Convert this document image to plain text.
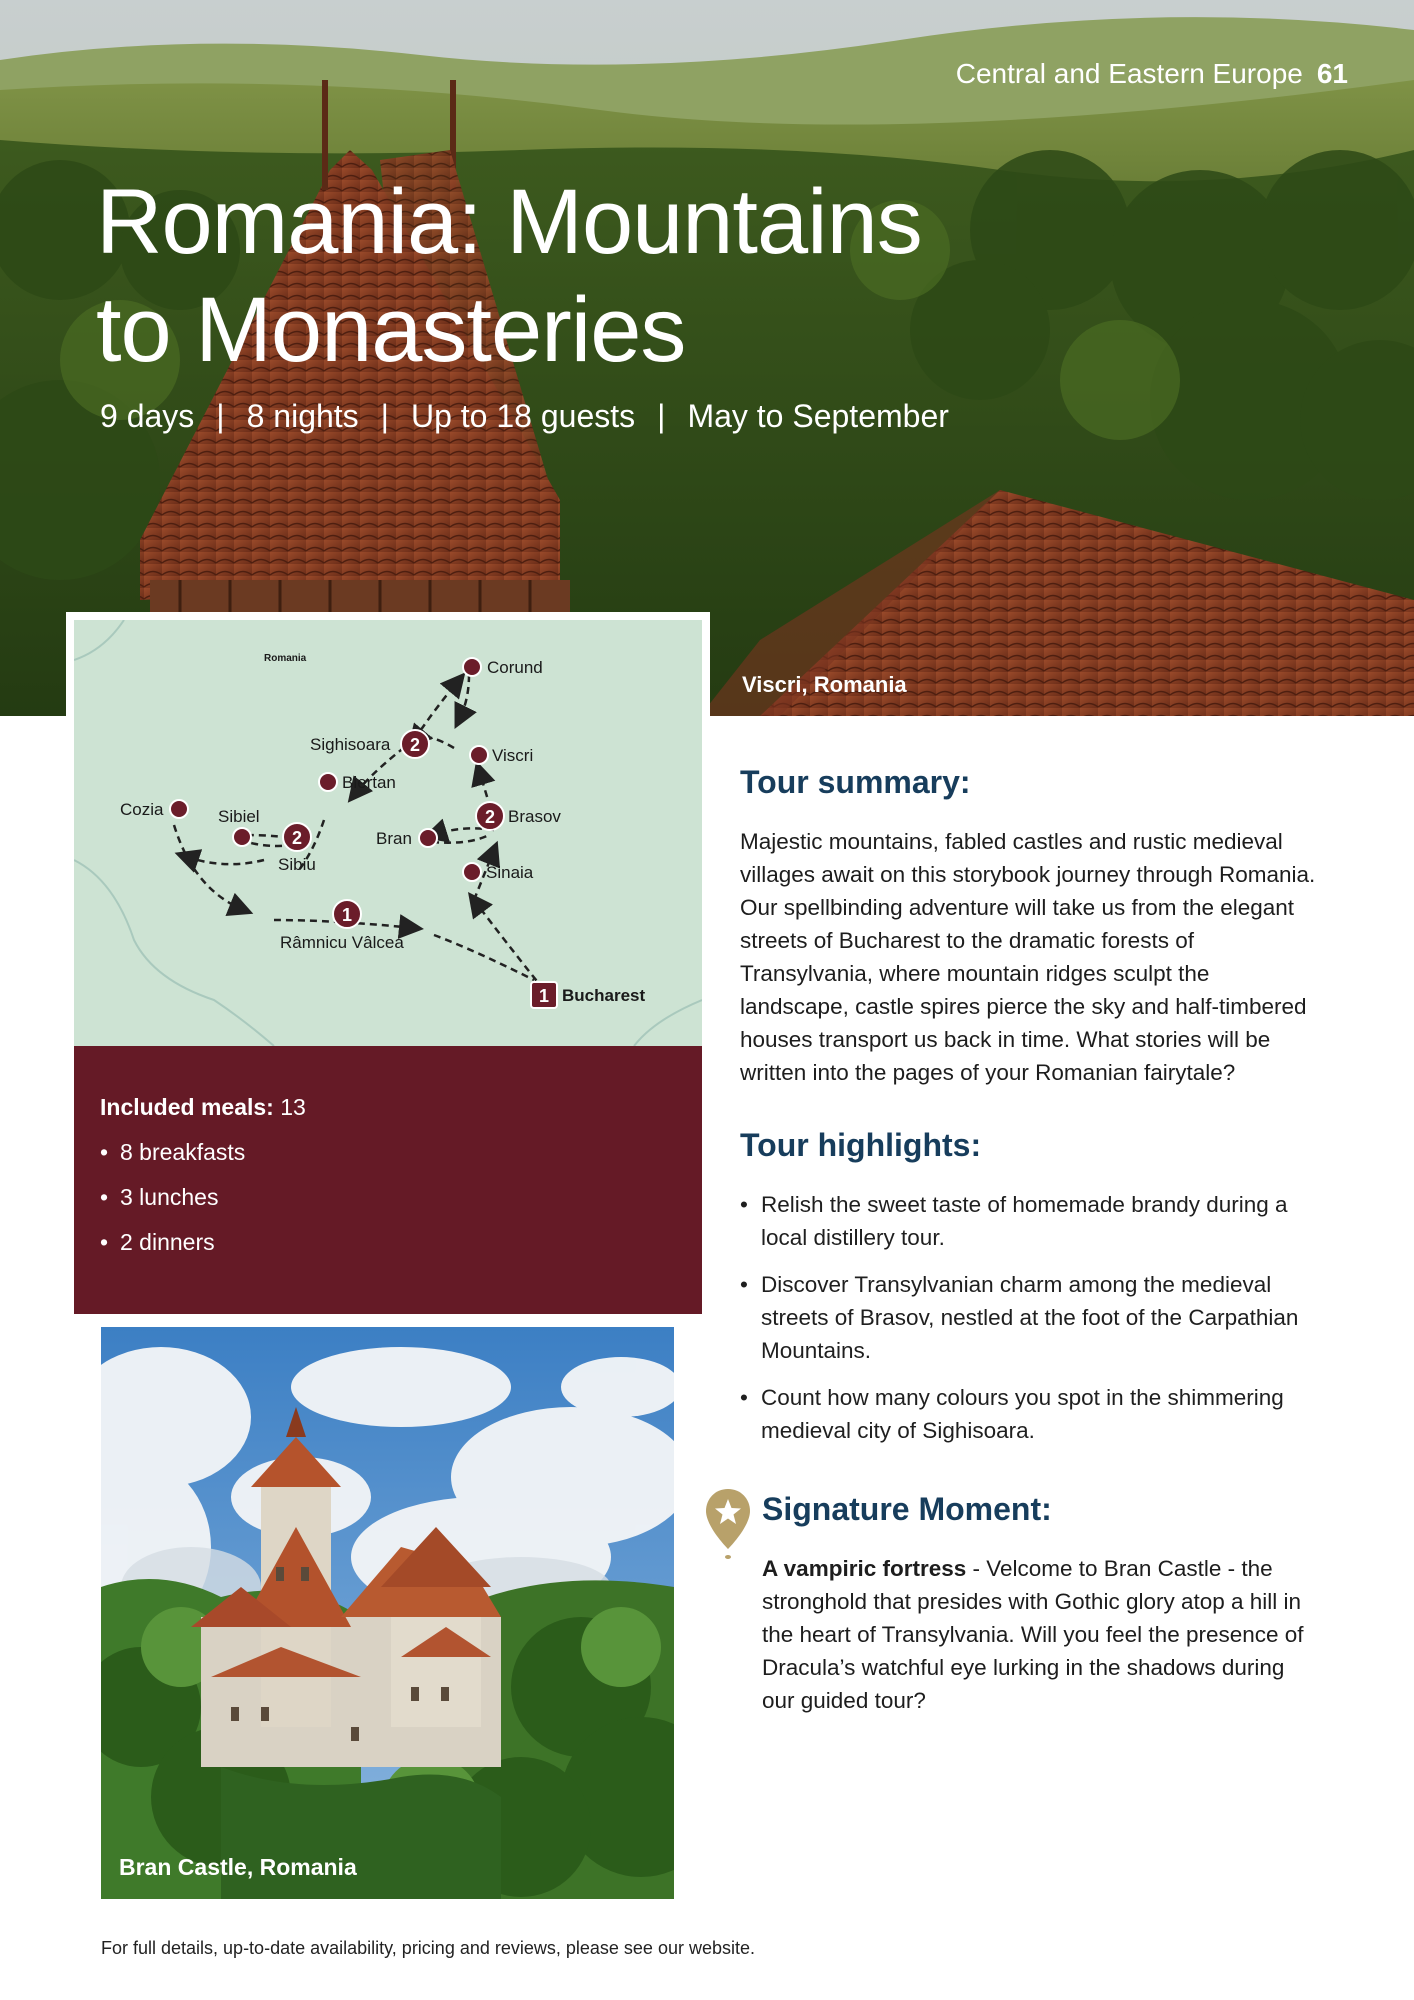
Central and Eastern Europe 61
Romania: Mountains
to Monasteries
9 days | 8 nights | Up to 18 guests | May to September
Viscri, Romania
2
2
2
1
1
Romania	Corund
Sighisoara
Viscri
Biertan
Cozia	Sibiel
Sibiu
Bran
Brasov
Sinaia
Râmnicu Vâlcea
Bucharest
Included meals: 13
• 8 breakfasts
• 3 lunches
• 2 dinners
Bran Castle, Romania
Tour summary:

Majestic mountains, fabled castles and rustic medieval villages await on this storybook journey through Romania. Our spellbinding adventure will take us from the elegant streets of Bucharest to the dramatic forests of Transylvania, where mountain ridges sculpt the landscape, castle spires pierce the sky and half-timbered houses transport us back in time. What stories will be written into the pages of your Romanian fairytale?

Tour highlights:
• Relish the sweet taste of homemade brandy during a local distillery tour.
• Discover Transylvanian charm among the medieval streets of Brasov, nestled at the foot of the Carpathian Mountains.
• Count how many colours you spot in the shimmering medieval city of Sighisoara.
Signature Moment:

A vampiric fortress - Velcome to Bran Castle - the stronghold that presides with Gothic glory atop a hill in the heart of Transylvania. Will you feel the presence of Dracula’s watchful eye lurking in the shadows during our guided tour?

For full details, up-to-date availability, pricing and reviews, please see our website.
